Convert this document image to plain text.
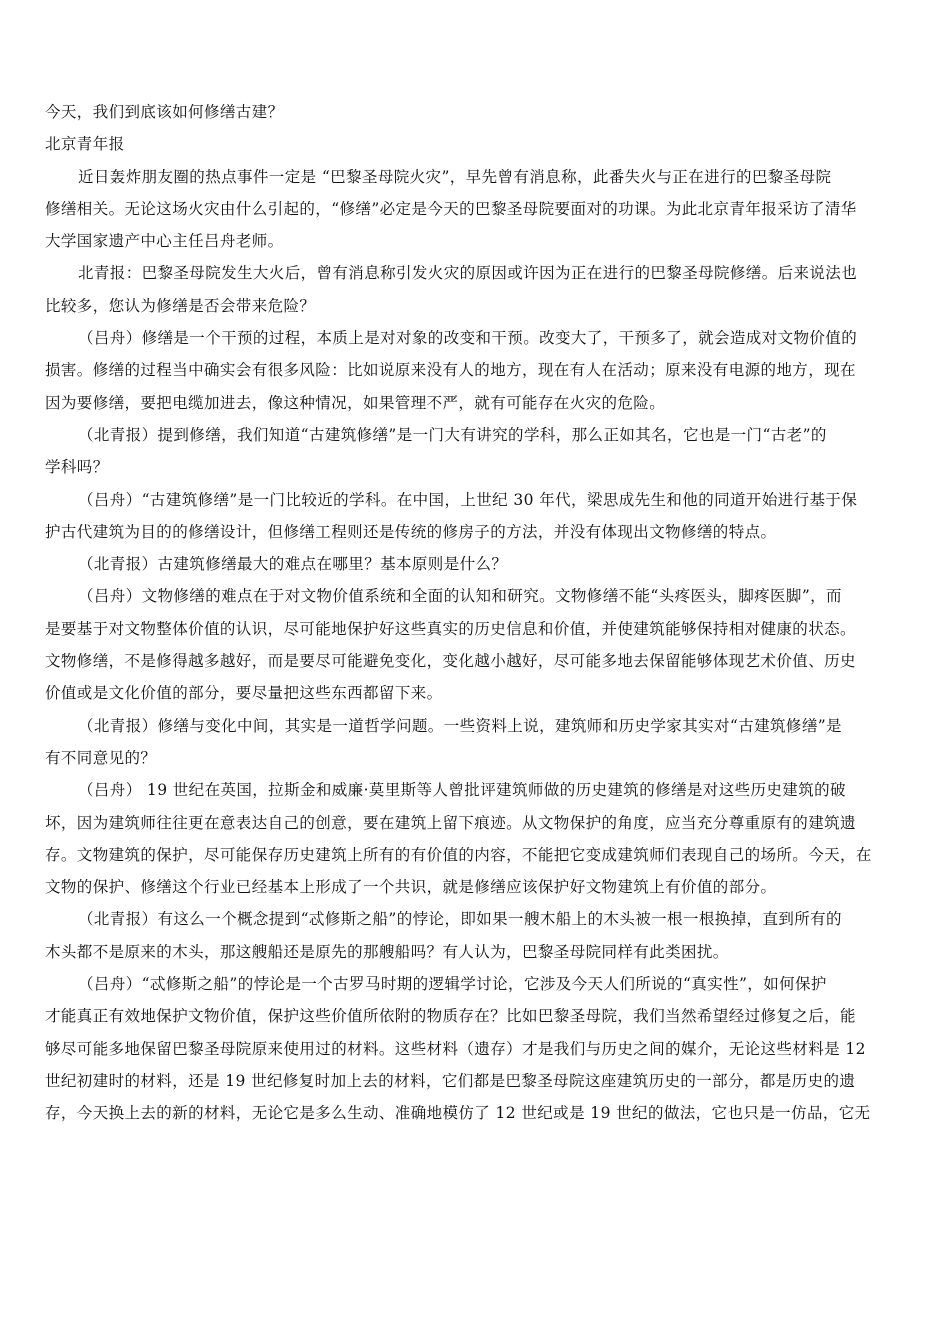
今天，我们到底该如何修缮古建？
北京青年报
近日轰炸朋友圈的热点事件一定是 “巴黎圣母院火灾”，早先曾有消息称，此番失火与正在进行的巴黎圣母院
修缮相关。无论这场火灾由什么引起的，“修缮”必定是今天的巴黎圣母院要面对的功课。为此北京青年报采访了清华
大学国家遗产中心主任吕舟老师。
北青报：巴黎圣母院发生大火后，曾有消息称引发火灾的原因或许因为正在进行的巴黎圣母院修缮。后来说法也
比较多，您认为修缮是否会带来危险？
（吕舟）修缮是一个干预的过程，本质上是对对象的改变和干预。改变大了，干预多了，就会造成对文物价值的
损害。修缮的过程当中确实会有很多风险：比如说原来没有人的地方，现在有人在活动；原来没有电源的地方，现在
因为要修缮，要把电缆加进去，像这种情况，如果管理不严，就有可能存在火灾的危险。
（北青报）提到修缮，我们知道“古建筑修缮”是一门大有讲究的学科，那么正如其名，它也是一门“古老”的
学科吗？
（吕舟）“古建筑修缮”是一门比较近的学科。在中国，上世纪 30 年代，梁思成先生和他的同道开始进行基于保
护古代建筑为目的的修缮设计，但修缮工程则还是传统的修房子的方法，并没有体现出文物修缮的特点。
（北青报）古建筑修缮最大的难点在哪里？基本原则是什么？
（吕舟）文物修缮的难点在于对文物价值系统和全面的认知和研究。文物修缮不能“头疼医头，脚疼医脚”，而
是要基于对文物整体价值的认识，尽可能地保护好这些真实的历史信息和价值，并使建筑能够保持相对健康的状态。
文物修缮，不是修得越多越好，而是要尽可能避免变化，变化越小越好，尽可能多地去保留能够体现艺术价值、历史
价值或是文化价值的部分，要尽量把这些东西都留下来。
（北青报）修缮与变化中间，其实是一道哲学问题。一些资料上说，建筑师和历史学家其实对“古建筑修缮”是
有不同意见的？
（吕舟） 19 世纪在英国，拉斯金和威廉·莫里斯等人曾批评建筑师做的历史建筑的修缮是对这些历史建筑的破
坏，因为建筑师往往更在意表达自己的创意，要在建筑上留下痕迹。从文物保护的角度，应当充分尊重原有的建筑遗
存。文物建筑的保护，尽可能保存历史建筑上所有的有价值的内容，不能把它变成建筑师们表现自己的场所。今天，在
文物的保护、修缮这个行业已经基本上形成了一个共识，就是修缮应该保护好文物建筑上有价值的部分。
（北青报）有这么一个概念提到“忒修斯之船”的悖论，即如果一艘木船上的木头被一根一根换掉，直到所有的
木头都不是原来的木头，那这艘船还是原先的那艘船吗？有人认为，巴黎圣母院同样有此类困扰。
（吕舟）“忒修斯之船”的悖论是一个古罗马时期的逻辑学讨论，它涉及今天人们所说的“真实性”，如何保护
才能真正有效地保护文物价值，保护这些价值所依附的物质存在？比如巴黎圣母院，我们当然希望经过修复之后，能
够尽可能多地保留巴黎圣母院原来使用过的材料。这些材料（遗存）才是我们与历史之间的媒介，无论这些材料是 12
世纪初建时的材料，还是 19 世纪修复时加上去的材料，它们都是巴黎圣母院这座建筑历史的一部分，都是历史的遗
存，今天换上去的新的材料，无论它是多么生动、准确地模仿了 12 世纪或是 19 世纪的做法，它也只是一仿品，它无
